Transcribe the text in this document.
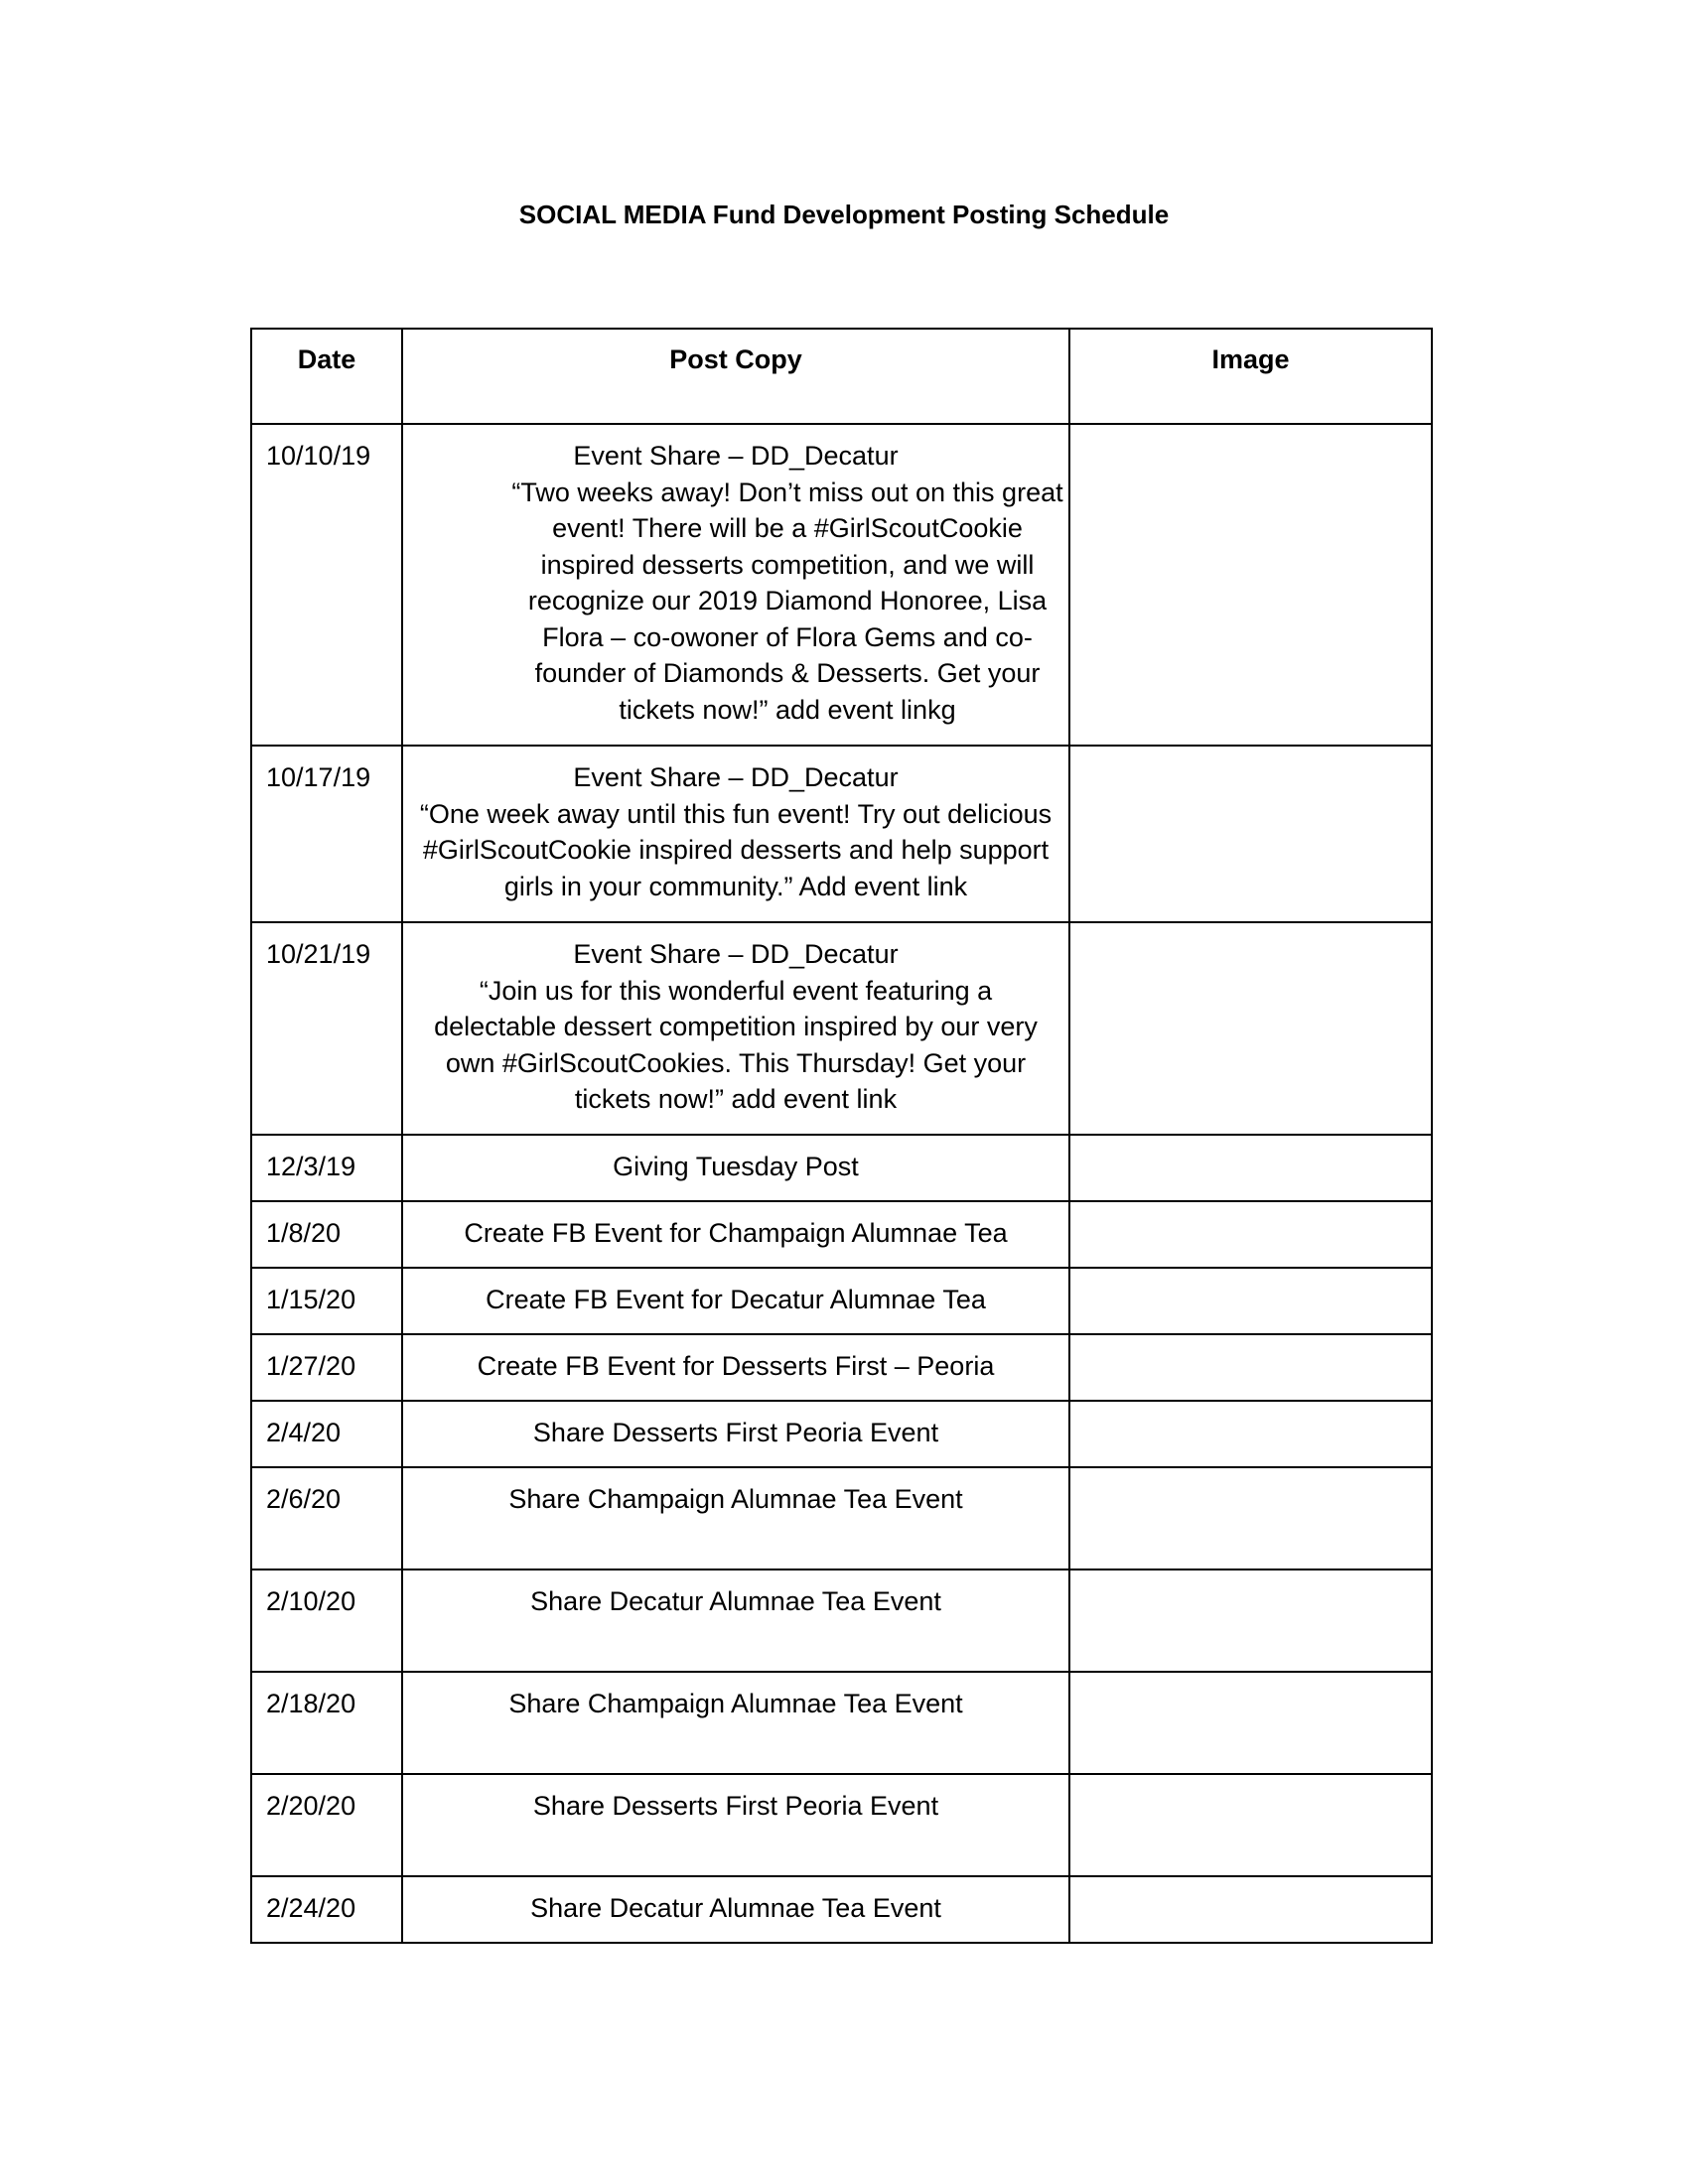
SOCIAL MEDIA Fund Development Posting Schedule
Date	Post Copy	Image
10/10/19	Event Share – DD_Decatur
“Two weeks away! Don’t miss out on this great event! There will be a #GirlScoutCookie inspired desserts competition, and we will recognize our 2019 Diamond Honoree, Lisa Flora – co-owoner of Flora Gems and co-founder of Diamonds & Desserts. Get your tickets now!” add event linkg	

10/17/19	Event Share – DD_Decatur
“One week away until this fun event! Try out delicious #GirlScoutCookie inspired desserts and help support girls in your community.” Add event link	

10/21/19	Event Share – DD_Decatur
“Join us for this wonderful event featuring a delectable dessert competition inspired by our very own #GirlScoutCookies. This Thursday! Get your tickets now!” add event link	

12/3/19	Giving Tuesday Post	
1/8/20	Create FB Event for Champaign Alumnae Tea	
1/15/20	Create FB Event for Decatur Alumnae Tea	
1/27/20	Create FB Event for Desserts First – Peoria	
2/4/20	Share Desserts First Peoria Event	
2/6/20	Share Champaign Alumnae Tea Event	
2/10/20	Share Decatur Alumnae Tea Event	
2/18/20	Share Champaign Alumnae Tea Event	
2/20/20	Share Desserts First Peoria Event	
2/24/20	Share Decatur Alumnae Tea Event	
